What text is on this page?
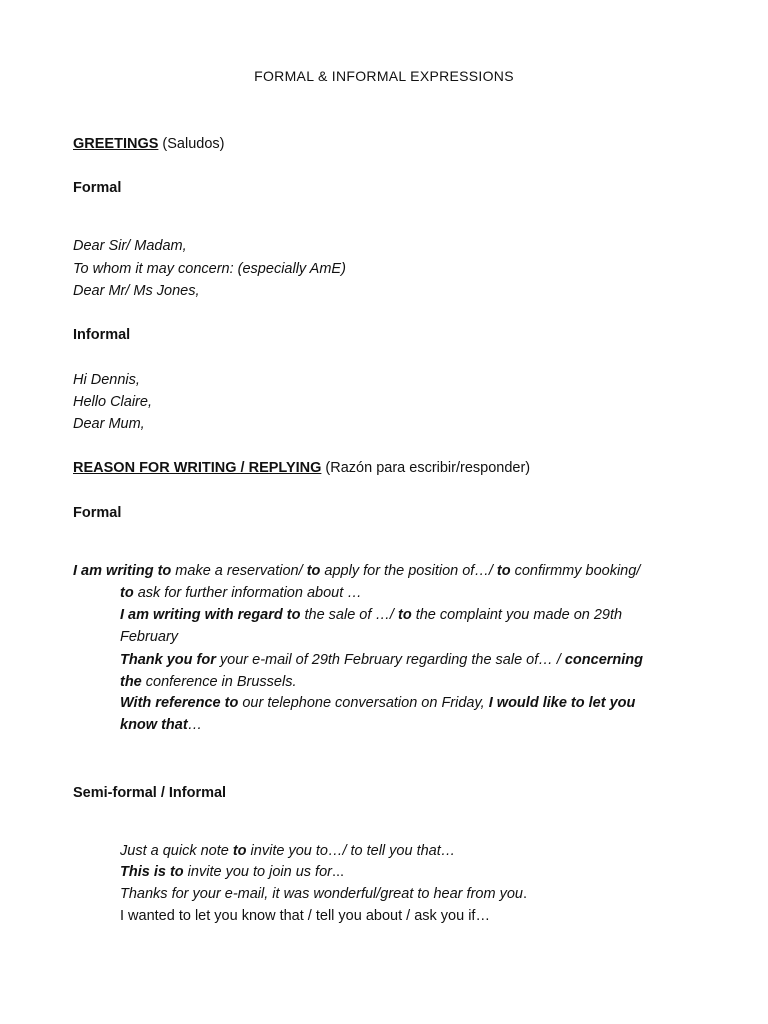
FORMAL & INFORMAL EXPRESSIONS
GREETINGS (Saludos)
Formal
Dear Sir/ Madam,
To whom it may concern: (especially AmE)
Dear Mr/ Ms Jones,
Informal
Hi Dennis,
Hello Claire,
Dear Mum,
REASON FOR WRITING / REPLYING (Razón para escribir/responder)
Formal
I am writing to make a reservation/ to apply for the position of…/ to confirmmy booking/
to ask for further information about …
I am writing with regard to the sale of …/ to the complaint you made on 29th
February
Thank you for your e-mail of 29th February regarding the sale of… / concerning
the conference in Brussels.
With reference to our telephone conversation on Friday, I would like to let you
know that…
Semi-formal / Informal
Just a quick note to invite you to…/ to tell you that…
This is to invite you to join us for...
Thanks for your e-mail, it was wonderful/great to hear from you.
I wanted to let you know that / tell you about / ask you if…
